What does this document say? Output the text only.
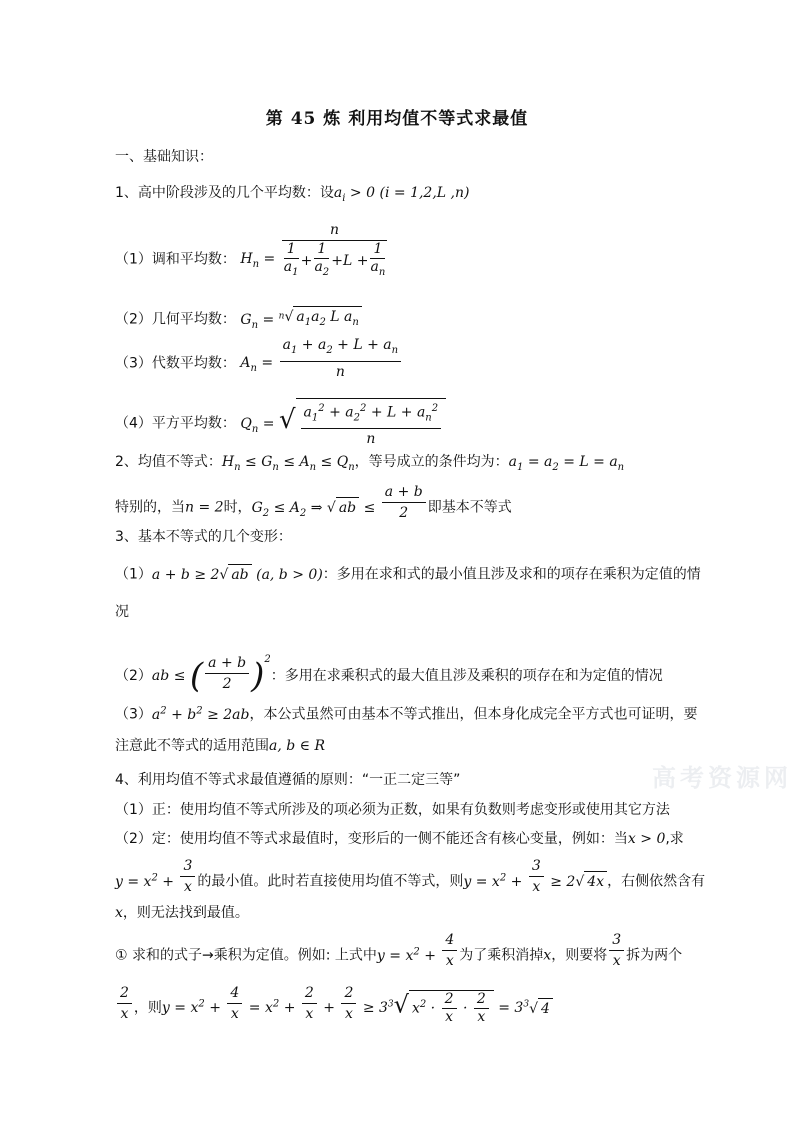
第 45 炼 利用均值不等式求最值
高考资源网
一、基础知识：
1、高中阶段涉及的几个平均数：设$a_i > 0$ (i = 1,2,L ,n)
（1）调和平均数： $H_n = \frac{n}{\frac{1}{a_1} + \frac{1}{a_2} +L + \frac{1}{a_n}}$
（2）几何平均数： $G_n = ^n√$ $a_1a_2$ L $a_n$
（3）代数平均数： $A_n = \frac{a_1 + a_2 + L + a_n}{n}$
（4）平方平均数： $Q_n$ = √ $\frac{a_1^2 + a_2^2 + L + a_n^2}{n}$
2、均值不等式：$H_n \le G_n \le A_n \le Q_n$，等号成立的条件均为：$a_1 = a_2 = L = a_n$
特别的，当n = 2时，$G_2 \le A_2$ ⇒ √ ab ≤ $\frac{a + b}{2}$ 即基本不等式
3、基本不等式的几个变形：
（1）a + b ≥ 2√ ab (a, b > 0)：多用在求和式的最小值且涉及求和的项存在乘积为定值的情
况
（2）ab ≤ ( $\frac{a + b}{2} )^2$：多用在求乘积式的最大值且涉及乘积的项存在和为定值的情况
$(3)a^2 + b^2 \ge 2ab$，本公式虽然可由基本不等式推出，但本身化成完全平方式也可证明，要
注意此不等式的适用范围a, b ∈ R
4、利用均值不等式求最值遵循的原则：“一正二定三等”
（1）正：使用均值不等式所涉及的项必须为正数，如果有负数则考虑变形或使用其它方法
（2）定：使用均值不等式求最值时，变形后的一侧不能还含有核心变量，例如：当x > 0,求
$y = x^2 + \frac{3}{x}$ 的最小值。此时若直接使用均值不等式，则$y = x^2 + \frac{3}{x} \ge 2√$ 4x ，右侧依然含有
x，则无法找到最值。
① 求和的式子→乘积为定值。例如: 上式中$y = x^2 + \frac{4}{x}$ 为了乘积消掉x，则要将 $\frac{3}{x}$ 拆为两个
$\frac{2}{x}$ ，则$y = x^2 + \frac{4}{x} = x^2 + \frac{2}{x} + \frac{2}{x} \ge 3^3√$ $x^2 \cdot \frac{2}{x} \cdot \frac{2}{x} = 3^3√$ 4
